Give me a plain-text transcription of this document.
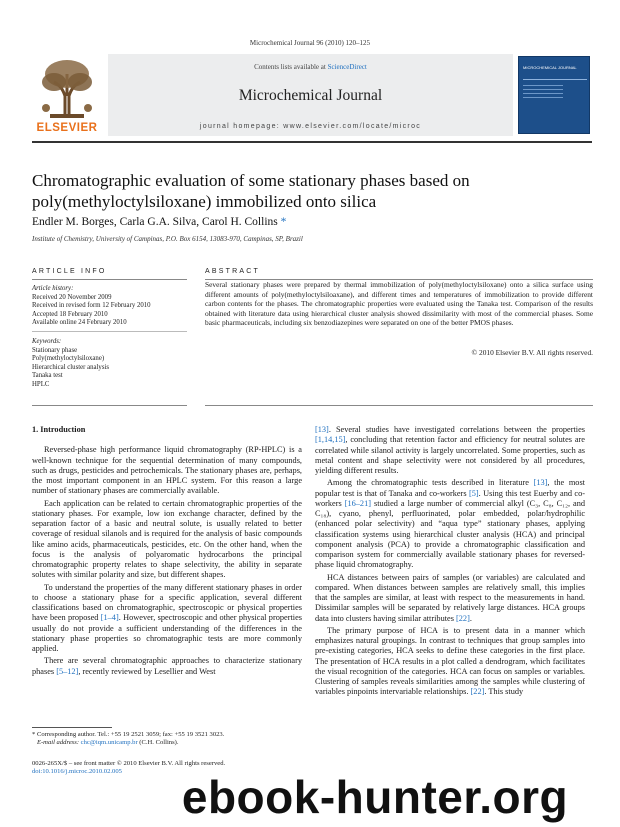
Microchemical Journal 96 (2010) 120–125
ELSEVIER
Contents lists available at ScienceDirect
Microchemical Journal
journal homepage: www.elsevier.com/locate/microc
MICROCHEMICAL JOURNAL
Chromatographic evaluation of some stationary phases based on poly(methyloctylsiloxane) immobilized onto silica
Endler M. Borges, Carla G.A. Silva, Carol H. Collins *
Institute of Chemistry, University of Campinas, P.O. Box 6154, 13083-970, Campinas, SP, Brazil
ARTICLE INFO	ABSTRACT
Article history:
Received 20 November 2009
Received in revised form 12 February 2010
Accepted 18 February 2010
Available online 24 February 2010
Keywords:
Stationary phase
Poly(methyloctylsiloxane)
Hierarchical cluster analysis
Tanaka test
HPLC
Several stationary phases were prepared by thermal immobilization of poly(methyloctylsiloxane) onto a silica surface using different amounts of poly(methyloctylsiloaxane), and different times and temperatures of immobilization to provide different carbon contents for the phases. The chromatographic properties were evaluated using the Tanaka test. Comparison of the results obtained with literature data using hierarchical cluster analysis showed dissimilarity with most of the commercial phases. Some basic pharmaceuticals, including six benzodiazepines were separated on one of the better PMOS phases.
© 2010 Elsevier B.V. All rights reserved.
1. Introduction

Reversed-phase high performance liquid chromatography (RP-HPLC) is a well-known technique for the sequential determination of many compounds, such as drugs, pesticides and petrochemicals. The stationary phases are, perhaps, the most important component in an HPLC system. For this reason a large number of stationary phases are commercially available.

Each application can be related to certain chromatographic properties of the stationary phases. For example, low ion exchange character, defined by the separation factor of a basic and neutral solute, is usually related to better coverage of residual silanols and is required for the analysis of basic compounds like amino acids, pharmaceuticals, pesticides, etc. On the other hand, when the focus is the analysis of polyaromatic hydrocarbons the principal chromatographic property relates to shape selectivity, the ability in separate solutes with similar polarity and size, but different shapes.

To understand the properties of the many different stationary phases in order to choose a stationary phase for a specific application, several different classifications based on chromatographic, spectroscopic or physical properties have been proposed [1–4]. However, spectroscopic and other physical properties usually do not provide a sufficient understanding of the differences in the stationary phase properties so chromatographic tests are more commonly applied.

There are several chromatographic approaches to characterize stationary phases [5–12], recently reviewed by Lesellier and West

[13]. Several studies have investigated correlations between the properties [1,14,15], concluding that retention factor and efficiency for neutral solutes are correlated while silanol activity is largely uncorrelated. Some properties, such as metal content and shape selectivity were not considered by all procedures, yielding different results.

Among the chromatographic tests described in literature [13], the most popular test is that of Tanaka and co-workers [5]. Using this test Euerby and co-workers [16–21] studied a large number of commercial alkyl (C₃, C₈, C₁₂, and C₁₈), cyano, phenyl, perfluorinated, polar embedded, polar/hydrophilic (enhanced polar selectivity) and “aqua type” stationary phases, applying classification systems using hierarchical cluster analysis (HCA) and principal component analysis (PCA) to provide a chromatographic classification and comparison system for commercially available stationary phases for reversed-phase liquid chromatography.

HCA distances between pairs of samples (or variables) are calculated and compared. When distances between samples are relatively small, this implies that the samples are similar, at least with respect to the measurements in hand. Dissimilar samples will be separated by relatively large distances. HCA groups data into clusters having similar attributes [22].

The primary purpose of HCA is to present data in a manner which emphasizes natural groupings. In contrast to techniques that group samples into pre-existing categories, HCA seeks to define these categories in the first place. The presentation of HCA results in a plot called a dendrogram, which facilitates the visual recognition of the categories. HCA can focus on samples or variables. Clustering of samples reveals similarities among the samples while clustering of variables pinpoints intervariable relationships. [22]. This study

* Corresponding author. Tel.: +55 19 2521 3059; fax: +55 19 3521 3023.
E-mail address: chc@iqm.unicamp.br (C.H. Collins).
0026-265X/$ – see front matter © 2010 Elsevier B.V. All rights reserved.
doi:10.1016/j.microc.2010.02.005	ebook-hunter.org
